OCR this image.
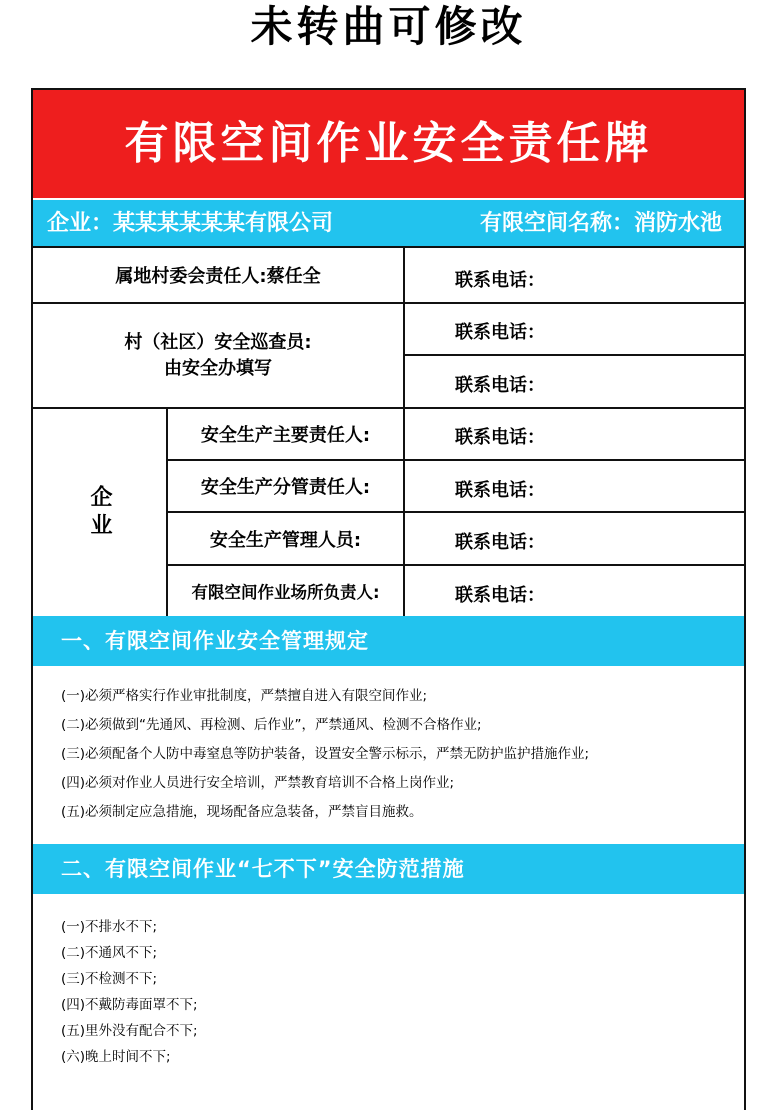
未转曲可修改
有限空间作业安全责任牌
企业：某某某某某某有限公司	有限空间名称：消防水池
属地村委会责任人:蔡任全	联系电话：
村（社区）安全巡查员:
由安全办填写
联系电话：
联系电话：
企业
安全生产主要责任人:	联系电话：
安全生产分管责任人:	联系电话：
安全生产管理人员:	联系电话：
有限空间作业场所负责人:	联系电话：
一、有限空间作业安全管理规定
(一)必须严格实行作业审批制度，严禁擅自进入有限空间作业;
(二)必须做到“先通风、再检测、后作业”，严禁通风、检测不合格作业;
(三)必须配备个人防中毒窒息等防护装备，设置安全警示标示，严禁无防护监护措施作业;
(四)必须对作业人员进行安全培训，严禁教育培训不合格上岗作业;
(五)必须制定应急措施，现场配备应急装备，严禁盲目施救。
二、有限空间作业“七不下”安全防范措施
(一)不排水不下;
(二)不通风不下;
(三)不检测不下;
(四)不戴防毒面罩不下;
(五)里外没有配合不下;
(六)晚上时间不下;
